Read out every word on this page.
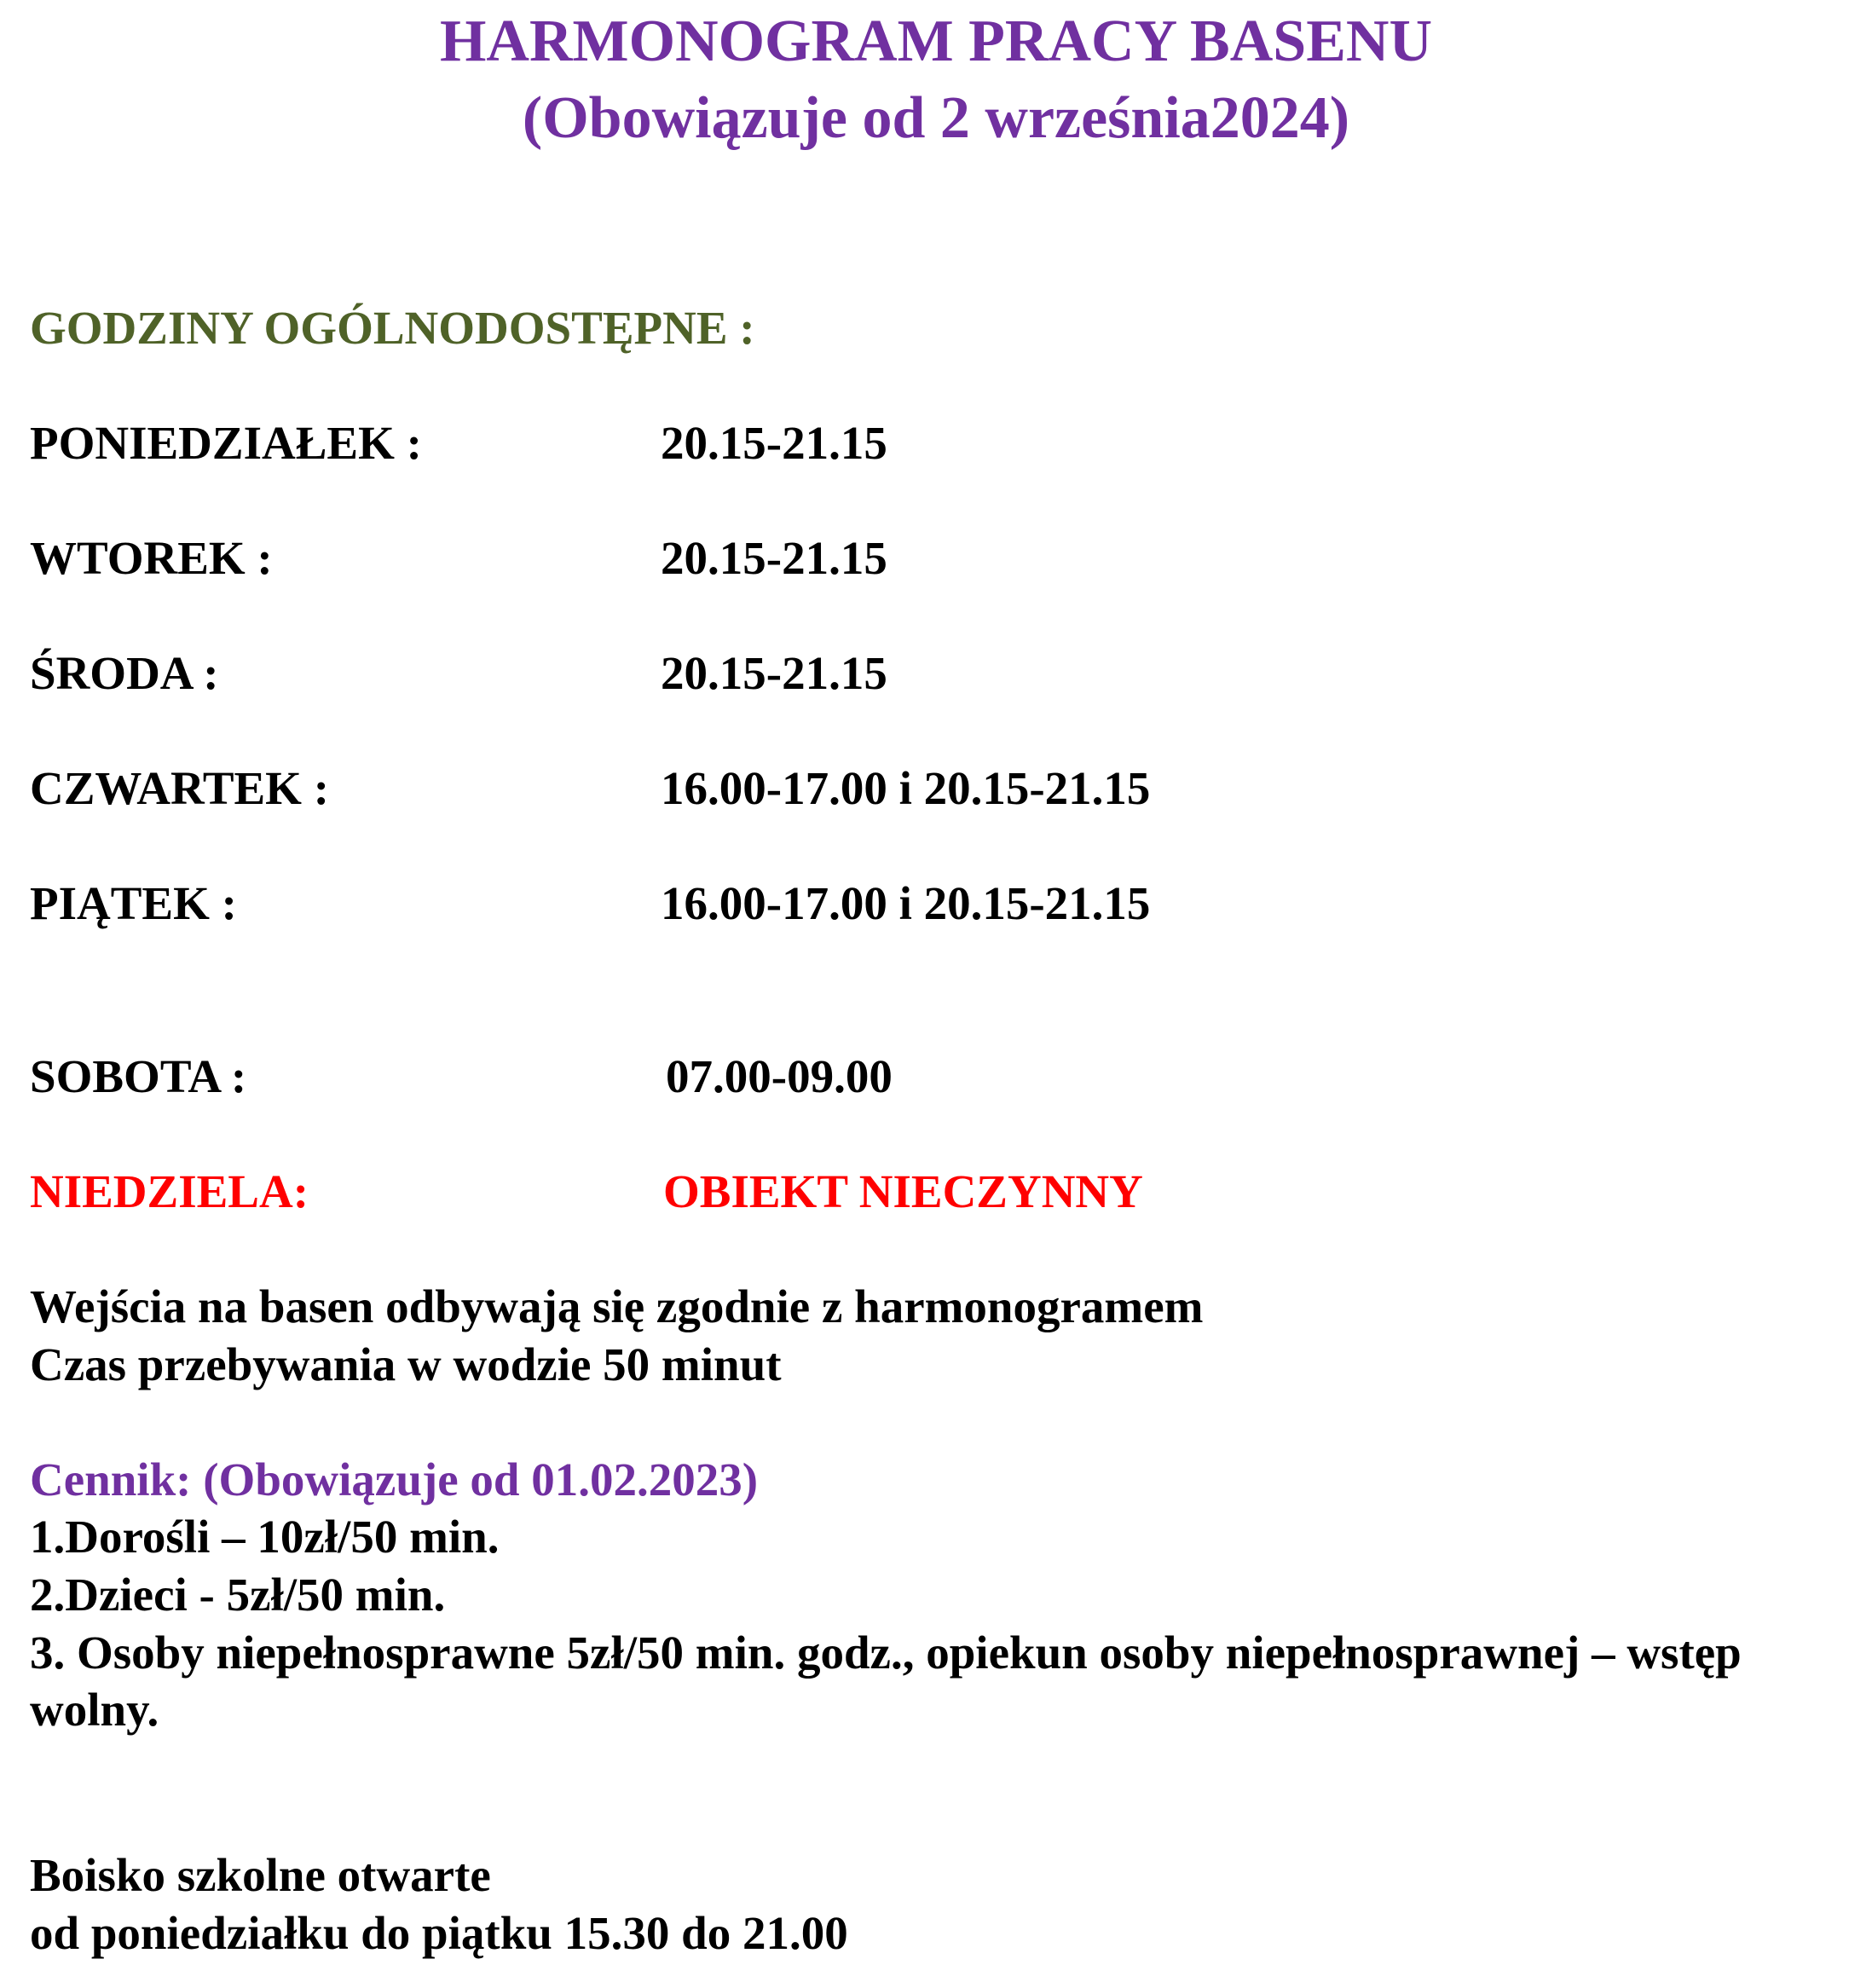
HARMONOGRAM PRACY BASENU
(Obowiązuje od 2 września2024)
GODZINY OGÓLNODOSTĘPNE :
PONIEDZIAŁEK :	20.15-21.15
WTOREK :	20.15-21.15
ŚRODA :	20.15-21.15
CZWARTEK :	16.00-17.00 i 20.15-21.15
PIĄTEK :	16.00-17.00 i 20.15-21.15
SOBOTA :	07.00-09.00
NIEDZIELA:	OBIEKT NIECZYNNY
Wejścia na basen odbywają się zgodnie z harmonogramem
Czas przebywania w wodzie 50 minut
Cennik: (Obowiązuje od 01.02.2023)
1.Dorośli – 10zł/50 min.
2.Dzieci - 5zł/50 min.
3. Osoby niepełnosprawne 5zł/50 min. godz., opiekun osoby niepełnosprawnej – wstęp
wolny.
Boisko szkolne otwarte
od poniedziałku do piątku 15.30 do 21.00
